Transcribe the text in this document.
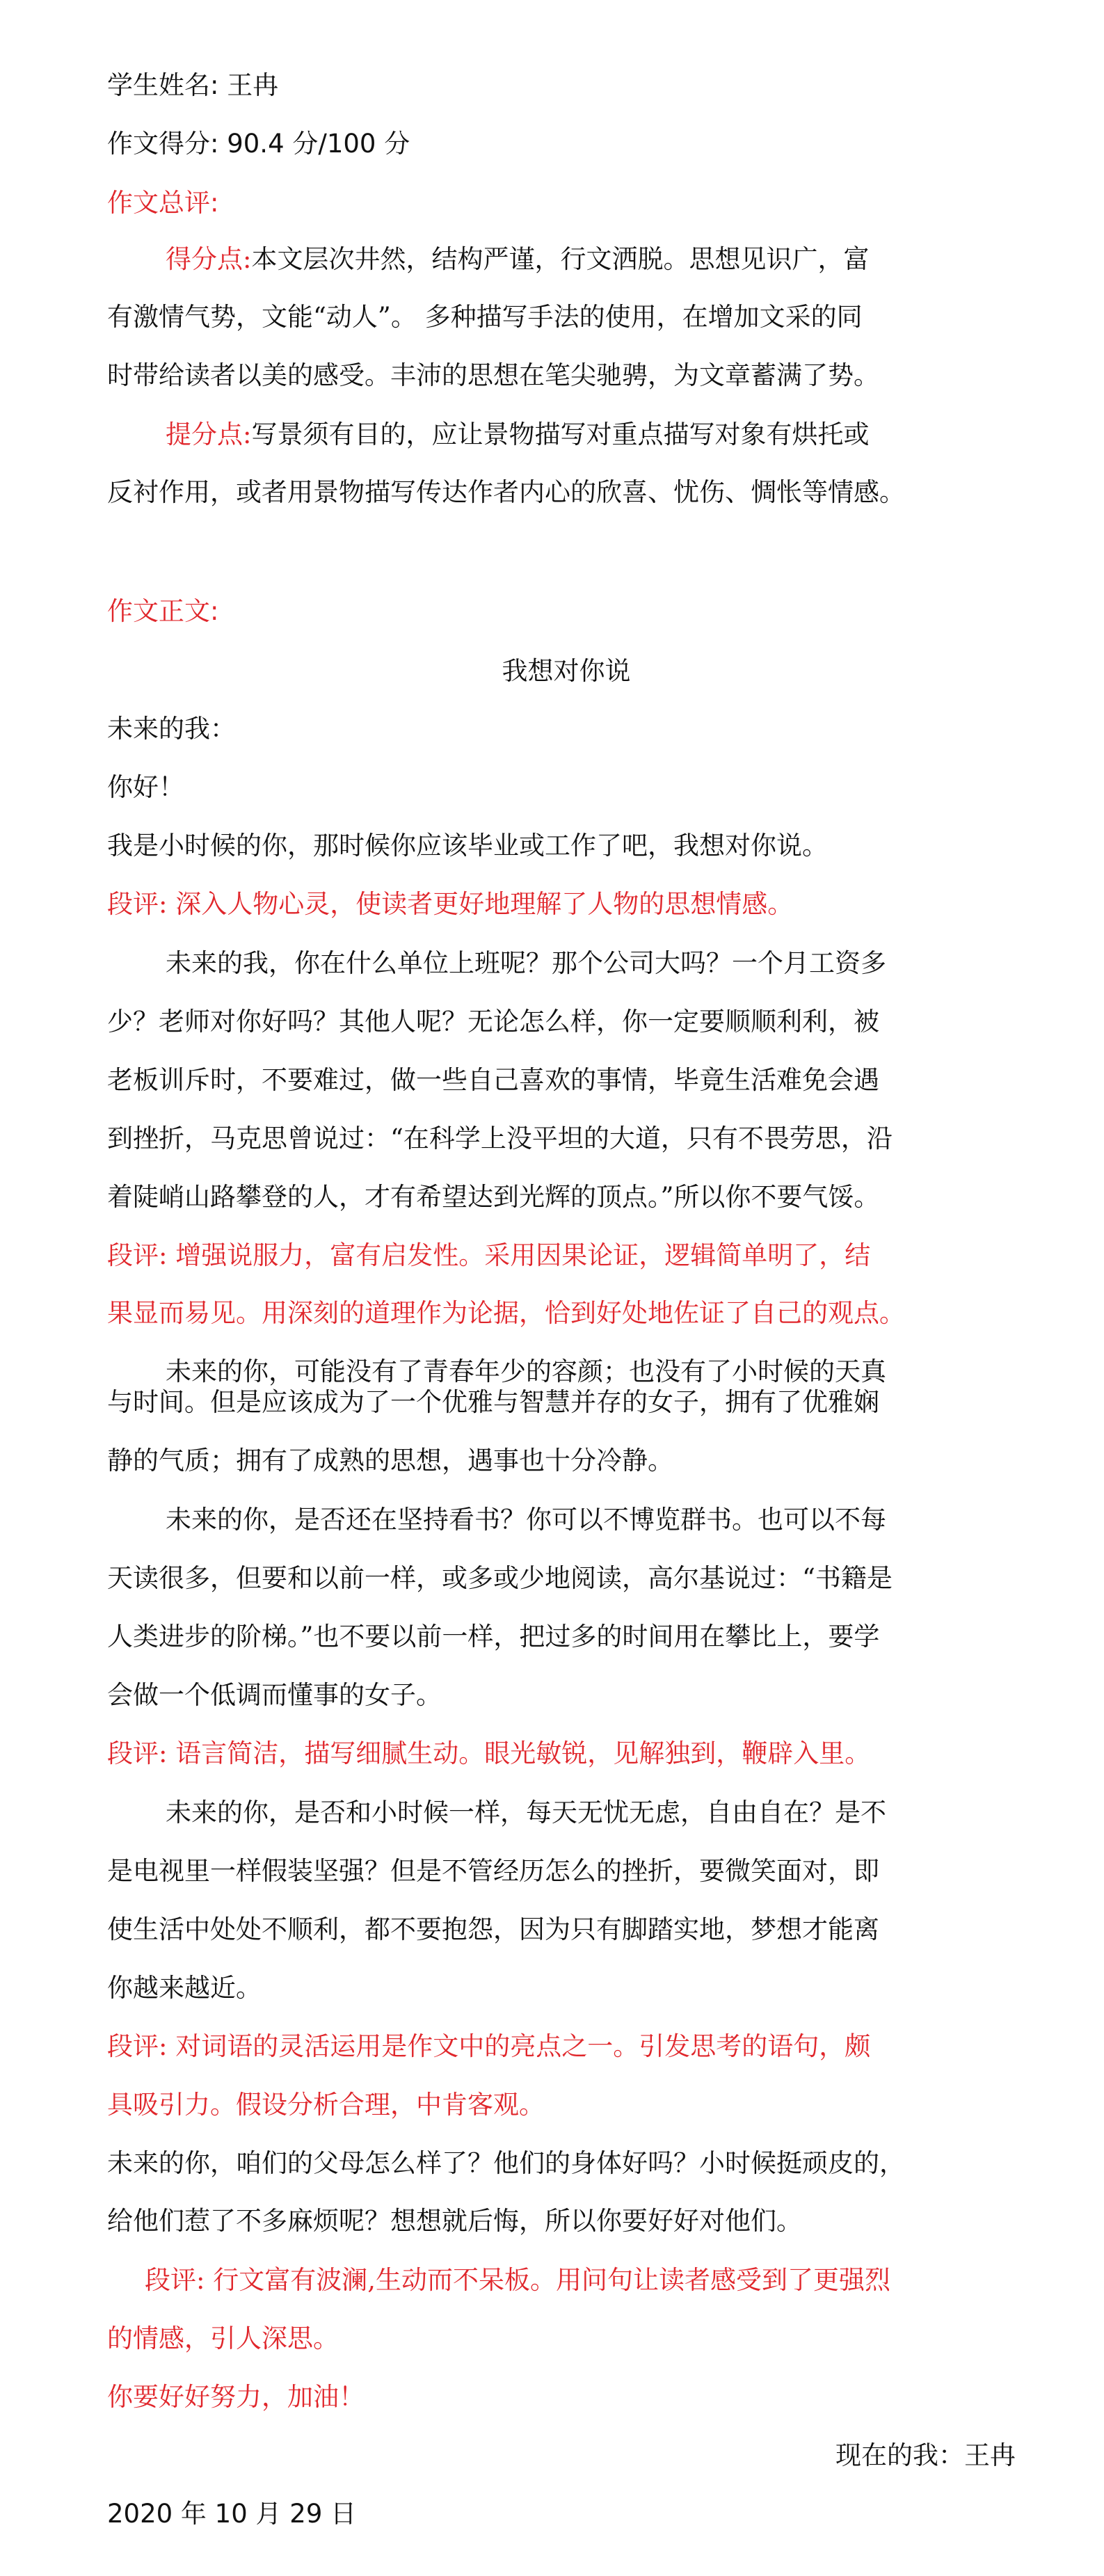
学生姓名: 王冉
作文得分: 90.4 分/100 分
作文总评:
得分点:本文层次井然，结构严谨，行文洒脱。思想见识广，富
有激情气势，文能“动人”。 多种描写手法的使用，在增加文采的同
时带给读者以美的感受。丰沛的思想在笔尖驰骋，为文章蓄满了势。
提分点:写景须有目的，应让景物描写对重点描写对象有烘托或
反衬作用，或者用景物描写传达作者内心的欣喜、忧伤、惆怅等情感。
作文正文:
我想对你说
未来的我：
你好！
我是小时候的你，那时候你应该毕业或工作了吧，我想对你说。
段评: 深入人物心灵，使读者更好地理解了人物的思想情感。
未来的我，你在什么单位上班呢？那个公司大吗？一个月工资多
少？老师对你好吗？其他人呢？无论怎么样，你一定要顺顺利利，被
老板训斥时，不要难过，做一些自己喜欢的事情，毕竟生活难免会遇
到挫折，马克思曾说过：“在科学上没平坦的大道，只有不畏劳思，沿
着陡峭山路攀登的人，才有希望达到光辉的顶点。”所以你不要气馁。
段评: 增强说服力，富有启发性。采用因果论证，逻辑简单明了，结
果显而易见。用深刻的道理作为论据，恰到好处地佐证了自己的观点。
未来的你，可能没有了青春年少的容颜；也没有了小时候的天真
与时间。但是应该成为了一个优雅与智慧并存的女子，拥有了优雅娴
静的气质；拥有了成熟的思想，遇事也十分冷静。
未来的你，是否还在坚持看书？你可以不博览群书。也可以不每
天读很多，但要和以前一样，或多或少地阅读，高尔基说过：“书籍是
人类进步的阶梯。”也不要以前一样，把过多的时间用在攀比上，要学
会做一个低调而懂事的女子。
段评: 语言简洁，描写细腻生动。眼光敏锐，见解独到，鞭辟入里。
未来的你，是否和小时候一样，每天无忧无虑，自由自在？是不
是电视里一样假装坚强？但是不管经历怎么的挫折，要微笑面对，即
使生活中处处不顺利，都不要抱怨，因为只有脚踏实地，梦想才能离
你越来越近。
段评: 对词语的灵活运用是作文中的亮点之一。引发思考的语句，颇
具吸引力。假设分析合理，中肯客观。
未来的你，咱们的父母怎么样了？他们的身体好吗？小时候挺顽皮的，
给他们惹了不多麻烦呢？想想就后悔，所以你要好好对他们。
段评: 行文富有波澜,生动而不呆板。用问句让读者感受到了更强烈
的情感，引人深思。
你要好好努力，加油！
现在的我：王冉
2020 年 10 月 29 日
